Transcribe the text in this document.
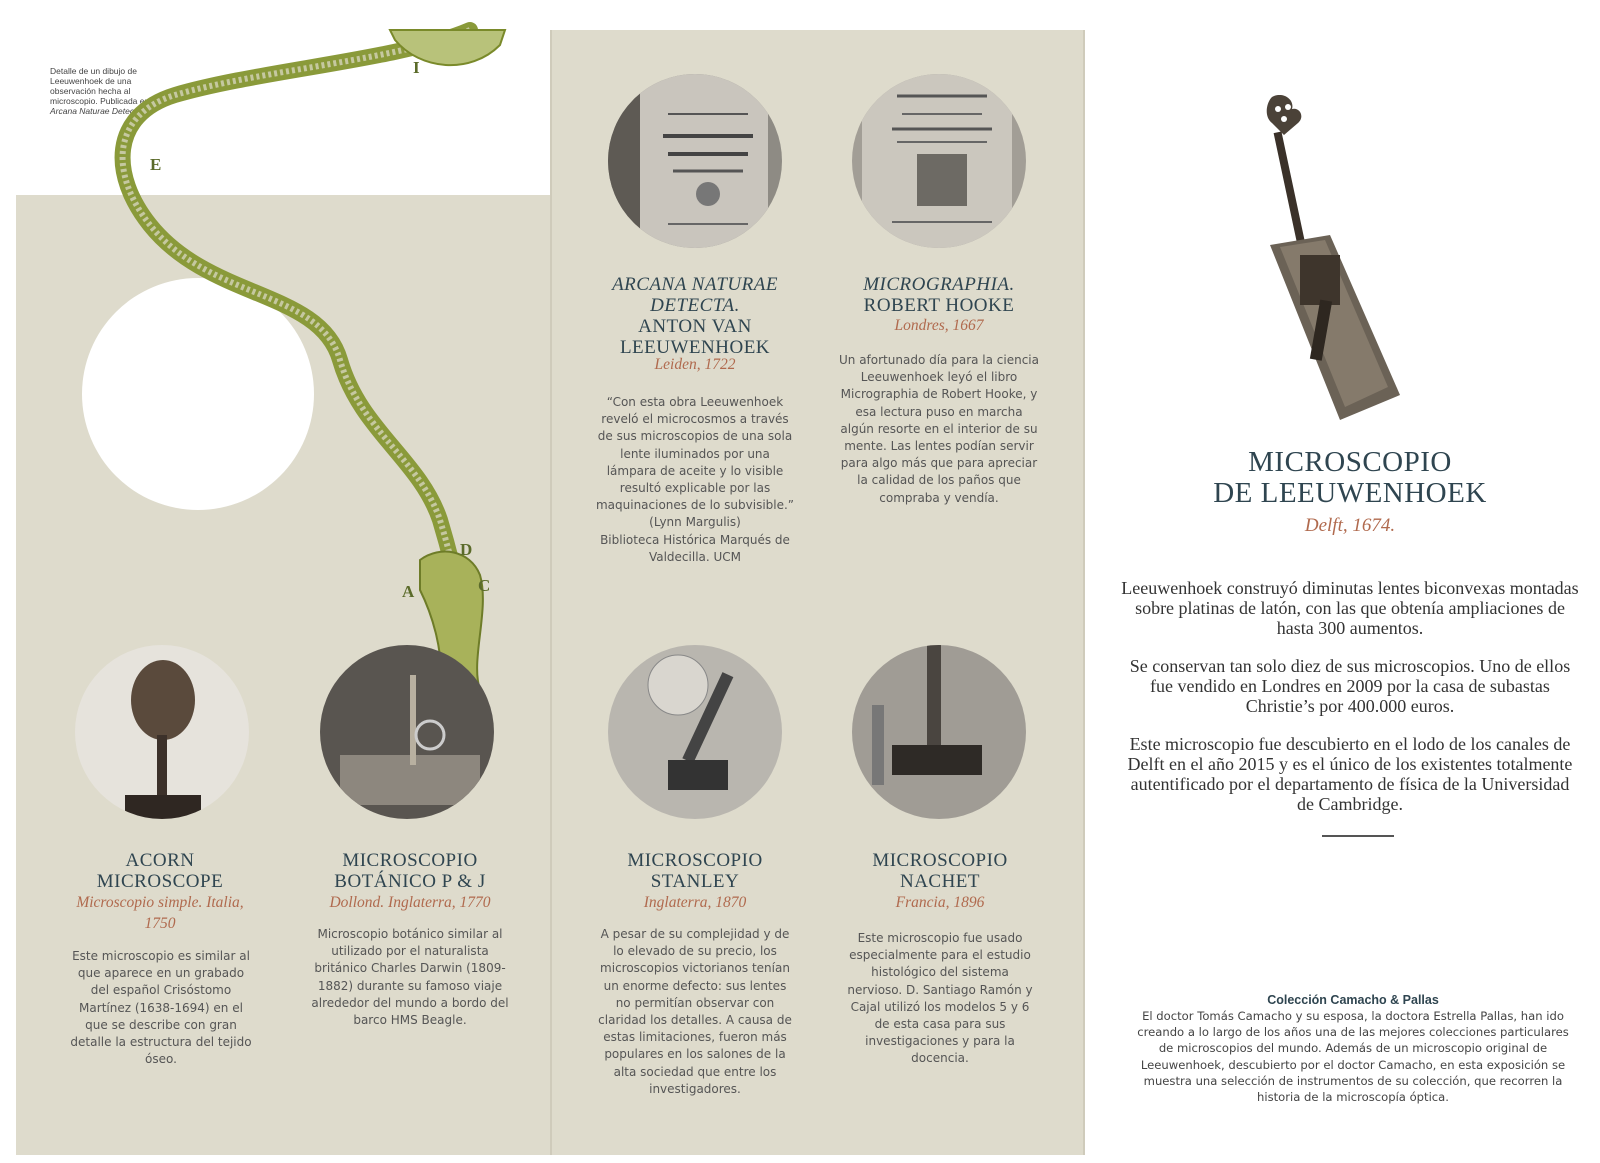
Detalle de un dibujo de Leeuwenhoek de una observación hecha al microscopio. Publicada en Arcana Naturae Detecta.
I
E
D
A	C
ARCANA NATURAE DETECTA.
ANTON VAN LEEUWENHOEK
Leiden, 1722
“Con esta obra Leeuwenhoek reveló el microcosmos a través de sus microscopios de una sola lente iluminados por una lámpara de aceite y lo visible resultó explicable por las maquinaciones de lo subvisible.”
(Lynn Margulis)
Biblioteca Histórica Marqués de Valdecilla. UCM
MICROGRAPHIA.
ROBERT HOOKE
Londres, 1667
Un afortunado día para la ciencia Leeuwenhoek leyó el libro Micrographia de Robert Hooke, y esa lectura puso en marcha algún resorte en el interior de su mente. Las lentes podían servir para algo más que para apreciar la calidad de los paños que compraba y vendía.
ACORN MICROSCOPE
Microscopio simple. Italia, 1750
Este microscopio es similar al que aparece en un grabado del español Crisóstomo Martínez (1638-1694) en el que se describe con gran detalle la estructura del tejido óseo.
MICROSCOPIO BOTÁNICO P & J
Dollond. Inglaterra, 1770
Microscopio botánico similar al utilizado por el naturalista británico Charles Darwin (1809-1882) durante su famoso viaje alrededor del mundo a bordo del barco HMS Beagle.
MICROSCOPIO STANLEY
Inglaterra, 1870
A pesar de su complejidad y de lo elevado de su precio, los microscopios victorianos tenían un enorme defecto: sus lentes no permitían observar con claridad los detalles. A causa de estas limitaciones, fueron más populares en los salones de la alta sociedad que entre los investigadores.
MICROSCOPIO NACHET
Francia, 1896
Este microscopio fue usado especialmente para el estudio histológico del sistema nervioso. D. Santiago Ramón y Cajal utilizó los modelos 5 y 6 de esta casa para sus investigaciones y para la docencia.
MICROSCOPIO
DE LEEUWENHOEK
Delft, 1674.
Leeuwenhoek construyó diminutas lentes biconvexas montadas sobre platinas de latón, con las que obtenía ampliaciones de hasta 300 aumentos.
Se conservan tan solo diez de sus microscopios. Uno de ellos fue vendido en Londres en 2009 por la casa de subastas Christie’s por 400.000 euros.
Este microscopio fue descubierto en el lodo de los canales de Delft en el año 2015 y es el único de los existentes totalmente autentificado por el departamento de física de la Universidad de Cambridge.
Colección Camacho & Pallas
El doctor Tomás Camacho y su esposa, la doctora Estrella Pallas, han ido creando a lo largo de los años una de las mejores colecciones particulares de microscopios del mundo. Además de un microscopio original de Leeuwenhoek, descubierto por el doctor Camacho, en esta exposición se muestra una selección de instrumentos de su colección, que recorren la historia de la microscopía óptica.
